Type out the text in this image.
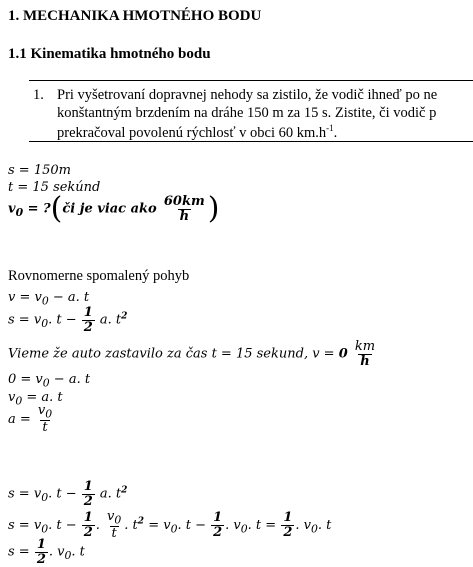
1. MECHANIKA HMOTNÉHO BODU
1.1 Kinematika hmotného bodu
1. Pri vyšetrovaní dopravnej nehody sa zistilo, že vodič ihneď po ne
konštantným brzdením na dráhe 150 m za 15 s. Zistite, či vodič p
prekračoval povolenú rýchlosť v obci 60 $km.h^{-1}$.
s = 150m
t = 15 sekúnd
$v_0$ = ?(či je viac ako $\frac{60km}{h}$ )
Rovnomerne spomalený pohyb
$v = v_0 - a$. t
$s = v_0$. $t - \frac{1}{2} a$. $t^2$
Vieme že auto zastavilo za čas t = 15 sekund, $v = 0 \frac{km}{h}$
$0 = v_0 - a$. t
$v_0 = a$. t
$a = \frac{v_0}{t}$
$s = v_0$. $t - \frac{1}{2} a$. $t^2$
$s = v_0$. $t - \frac{1}{2}$ . $\frac{v_0}{t}$ . $t^2 = v_0$. $t - \frac{1}{2}$ . $v_0$. $t = \frac{1}{2}$ . $v_0$. t
$s = \frac{1}{2}$ . $v_0$. t
